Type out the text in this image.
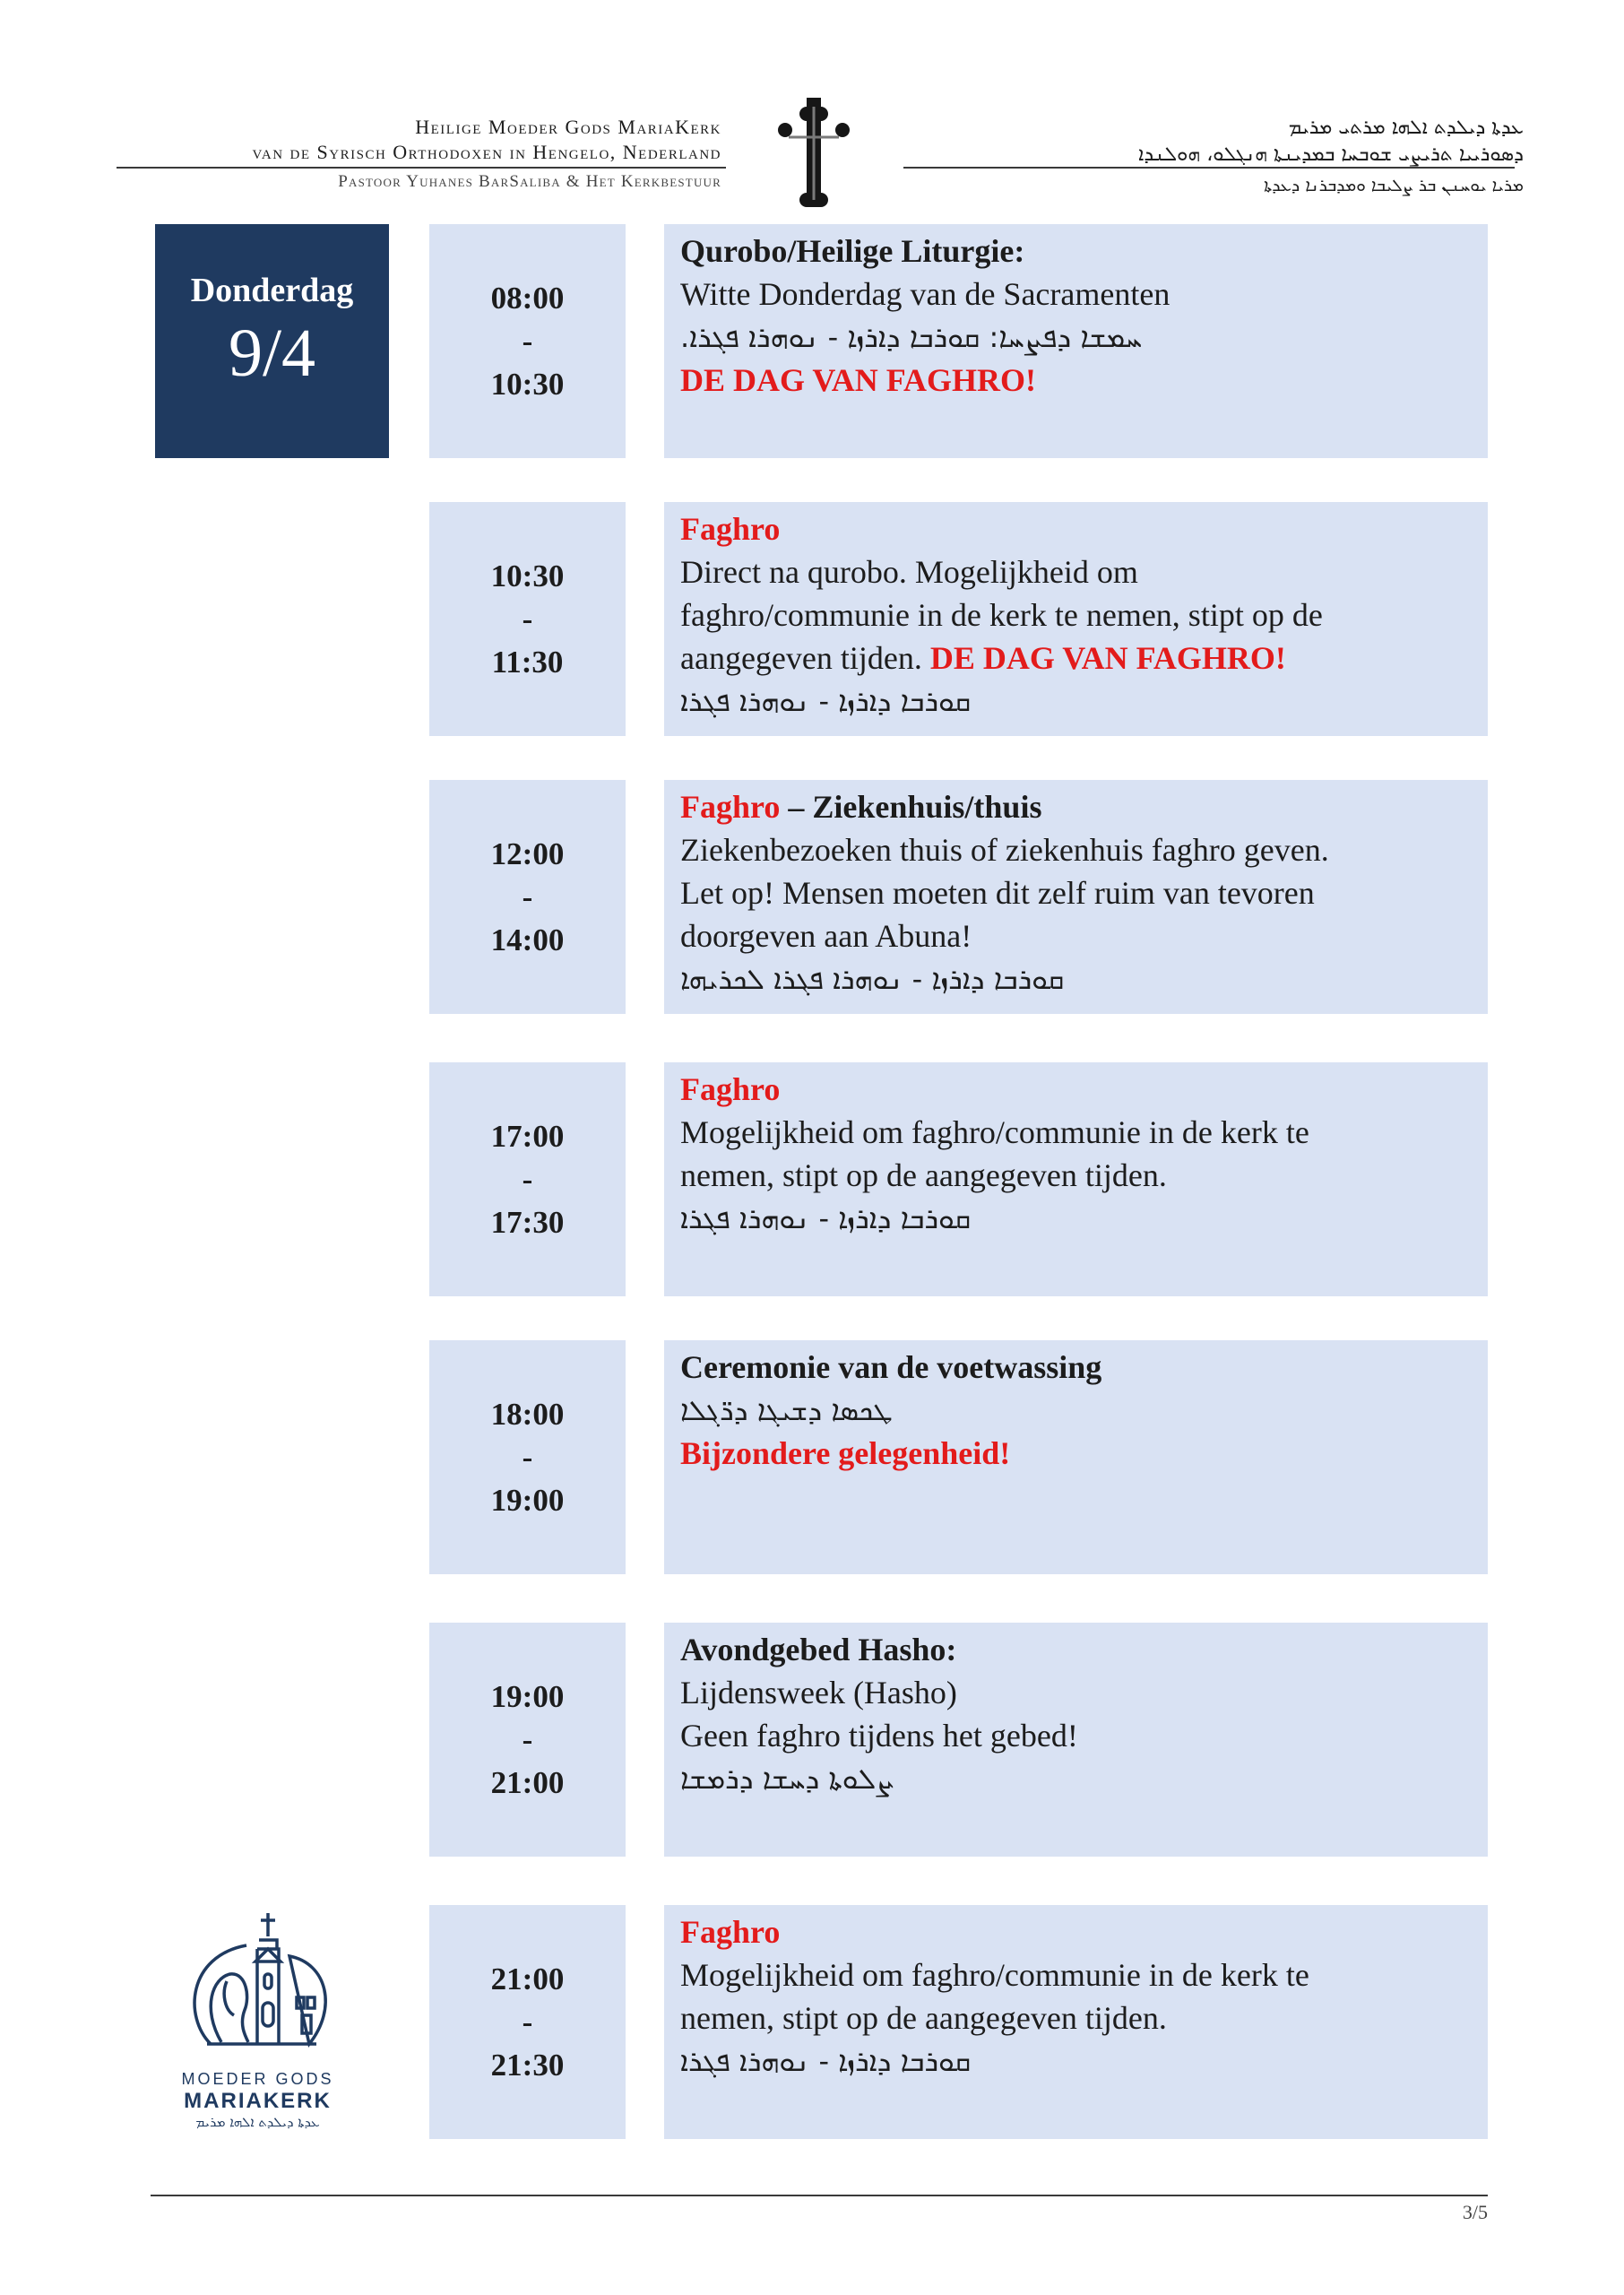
Heilige Moeder Gods MariaKerk
van de Syrisch Orthodoxen in Hengelo, Nederland
Pastoor Yuhanes BarSaliba & Het Kerkbestuur
ܥܕܬܐ ܕܝܠܕܬ ܐܠܗܐ ܡܪܬܝ ܡܪܝܡ
ܕܣܘܪܝܝܐ ܬܪܝܨܝ ܫܘܒܚܐ ܒܡܕܝܢܬܐ ܗܢܓܠܘ، ܗܘܠܢܕܐ
ܡܪܝܐ ܝܘܚܢܢ ܒܪ ܨܠܝܒܐ ܘܡܕܒܪܢܐ ܕܥܕܬܐ
Donderdag
9/4
08:00
-
10:30
Qurobo/Heilige Liturgie:
Witte Donderdag van de Sacramenten
ܚܡܫܐ ܕܦܨܚܐ: ܩܘܪܒܐ ܕܐܪܙܐ - ܢܘܗܪܐ ܦܓܪܐ.
DE DAG VAN FAGHRO!
10:30
-
11:30
Faghro
Direct na qurobo. Mogelijkheid om
faghro/communie in de kerk te nemen, stipt op de
aangegeven tijden. DE DAG VAN FAGHRO!
ܩܘܪܒܐ ܕܐܪܙܐ - ܢܘܗܪܐ ܦܓܪܐ
12:00
-
14:00
Faghro – Ziekenhuis/thuis
Ziekenbezoeken thuis of ziekenhuis faghro geven.
Let op! Mensen moeten dit zelf ruim van tevoren
doorgeven aan Abuna!
ܩܘܪܒܐ ܕܐܪܙܐ - ܢܘܗܪܐ ܦܓܪܐ ܠܟܪܝܗܐ
17:00
-
17:30
Faghro
Mogelijkheid om faghro/communie in de kerk te
nemen, stipt op de aangegeven tijden.
ܩܘܪܒܐ ܕܐܪܙܐ - ܢܘܗܪܐ ܦܓܪܐ
18:00
-
19:00
Ceremonie van de voetwassing
ܛܟܣܐ ܕܫܝܓܐ ܕܪ̈ܓܠܐ
Bijzondere gelegenheid!
19:00
-
21:00
Avondgebed Hasho:
Lijdensweek (Hasho)
Geen faghro tijdens het gebed!
ܨܠܘܬܐ ܕܚܫܐ ܕܪܡܫܐ
21:00
-
21:30
Faghro
Mogelijkheid om faghro/communie in de kerk te
nemen, stipt op de aangegeven tijden.
ܩܘܪܒܐ ܕܐܪܙܐ - ܢܘܗܪܐ ܦܓܪܐ
MOEDER GODS
MARIAKERK
ܥܕܬܐ ܕܝܠܕܬ ܐܠܗܐ ܡܪܝܡ
3/5
